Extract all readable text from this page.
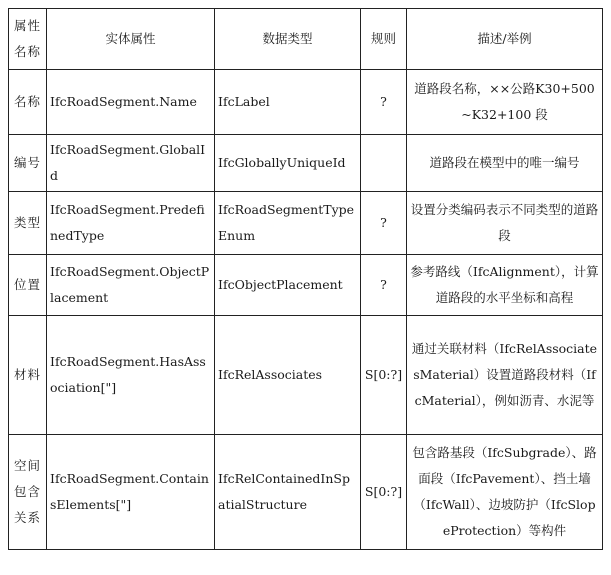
属性名称	实体属性	数据类型	规则	描述/举例
名称	IfcRoadSegment.Name	IfcLabel	?	道路段名称，××公路K30+500~K32+100 段
编号	IfcRoadSegment.GlobalId	IfcGloballyUniqueId		道路段在模型中的唯一编号
类型	IfcRoadSegment.PredefinedType	IfcRoadSegmentTypeEnum	?	设置分类编码表示不同类型的道路段
位置	IfcRoadSegment.ObjectPlacement	IfcObjectPlacement	?	参考路线（IfcAlignment），计算道路段的水平坐标和高程
材料	IfcRoadSegment.HasAssociation["]	IfcRelAssociates	S[0:?]	通过关联材料（IfcRelAssociatesMaterial）设置道路段材料（IfcMaterial），例如沥青、水泥等
空间包含关系	IfcRoadSegment.ContainsElements["]	IfcRelContainedInSpatialStructure	S[0:?]	包含路基段（IfcSubgrade）、路面段（IfcPavement）、挡土墙（IfcWall）、边坡防护（IfcSlopeProtection）等构件
